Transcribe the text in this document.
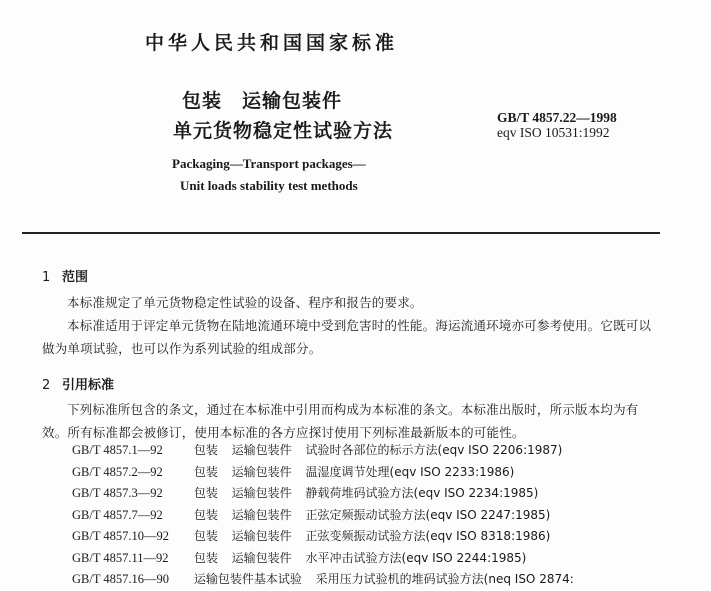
中华人民共和国国家标准
包装 运输包装件
单元货物稳定性试验方法
GB/T 4857.22—1998
eqv ISO 10531:1992
Packaging—Transport packages—
Unit loads stability test methods
1 范围
本标准规定了单元货物稳定性试验的设备、程序和报告的要求。
本标准适用于评定单元货物在陆地流通环境中受到危害时的性能。海运流通环境亦可参考使用。它既可以做为单项试验，也可以作为系列试验的组成部分。
2 引用标准
下列标准所包含的条文，通过在本标准中引用而构成为本标准的条文。本标准出版时，所示版本均为有效。所有标准都会被修订，使用本标准的各方应探讨使用下列标准最新版本的可能性。
GB/T 4857.1—92	包装 运输包装件 试验时各部位的标示方法(eqv ISO 2206:1987)
GB/T 4857.2—92	包装 运输包装件 温湿度调节处理(eqv ISO 2233:1986)
GB/T 4857.3—92	包装 运输包装件 静载荷堆码试验方法(eqv ISO 2234:1985)
GB/T 4857.7—92	包装 运输包装件 正弦定频振动试验方法(eqv ISO 2247:1985)
GB/T 4857.10—92 包装 运输包装件 正弦变频振动试验方法(eqv ISO 8318:1986)
GB/T 4857.11—92 包装 运输包装件 水平冲击试验方法(eqv ISO 2244:1985)
GB/T 4857.16—90 运输包装件基本试验 采用压力试验机的堆码试验方法(neq ISO 2874:
